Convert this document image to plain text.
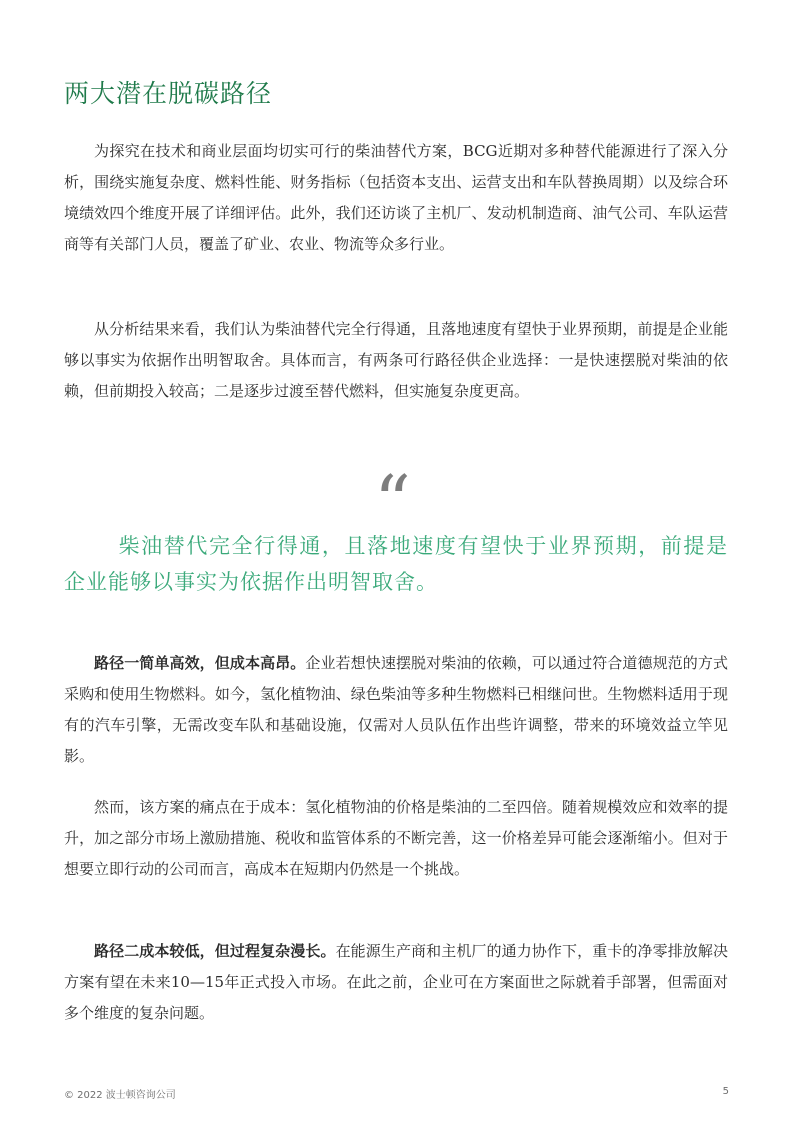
两大潜在脱碳路径

为探究在技术和商业层面均切实可行的柴油替代方案，BCG近期对多种替代能源进行了深入分析，围绕实施复杂度、燃料性能、财务指标（包括资本支出、运营支出和车队替换周期）以及综合环境绩效四个维度开展了详细评估。此外，我们还访谈了主机厂、发动机制造商、油气公司、车队运营商等有关部门人员，覆盖了矿业、农业、物流等众多行业。

从分析结果来看，我们认为柴油替代完全行得通，且落地速度有望快于业界预期，前提是企业能够以事实为依据作出明智取舍。具体而言，有两条可行路径供企业选择：一是快速摆脱对柴油的依赖，但前期投入较高；二是逐步过渡至替代燃料，但实施复杂度更高。

“

柴油替代完全行得通，且落地速度有望快于业界预期，前提是企业能够以事实为依据作出明智取舍。

路径一简单高效，但成本高昂。企业若想快速摆脱对柴油的依赖，可以通过符合道德规范的方式采购和使用生物燃料。如今，氢化植物油、绿色柴油等多种生物燃料已相继问世。生物燃料适用于现有的汽车引擎，无需改变车队和基础设施，仅需对人员队伍作出些许调整，带来的环境效益立竿见影。

然而，该方案的痛点在于成本：氢化植物油的价格是柴油的二至四倍。随着规模效应和效率的提升，加之部分市场上激励措施、税收和监管体系的不断完善，这一价格差异可能会逐渐缩小。但对于想要立即行动的公司而言，高成本在短期内仍然是一个挑战。

路径二成本较低，但过程复杂漫长。在能源生产商和主机厂的通力协作下，重卡的净零排放解决方案有望在未来10—15年正式投入市场。在此之前，企业可在方案面世之际就着手部署，但需面对多个维度的复杂问题。

© 2022 波士顿咨询公司	5
